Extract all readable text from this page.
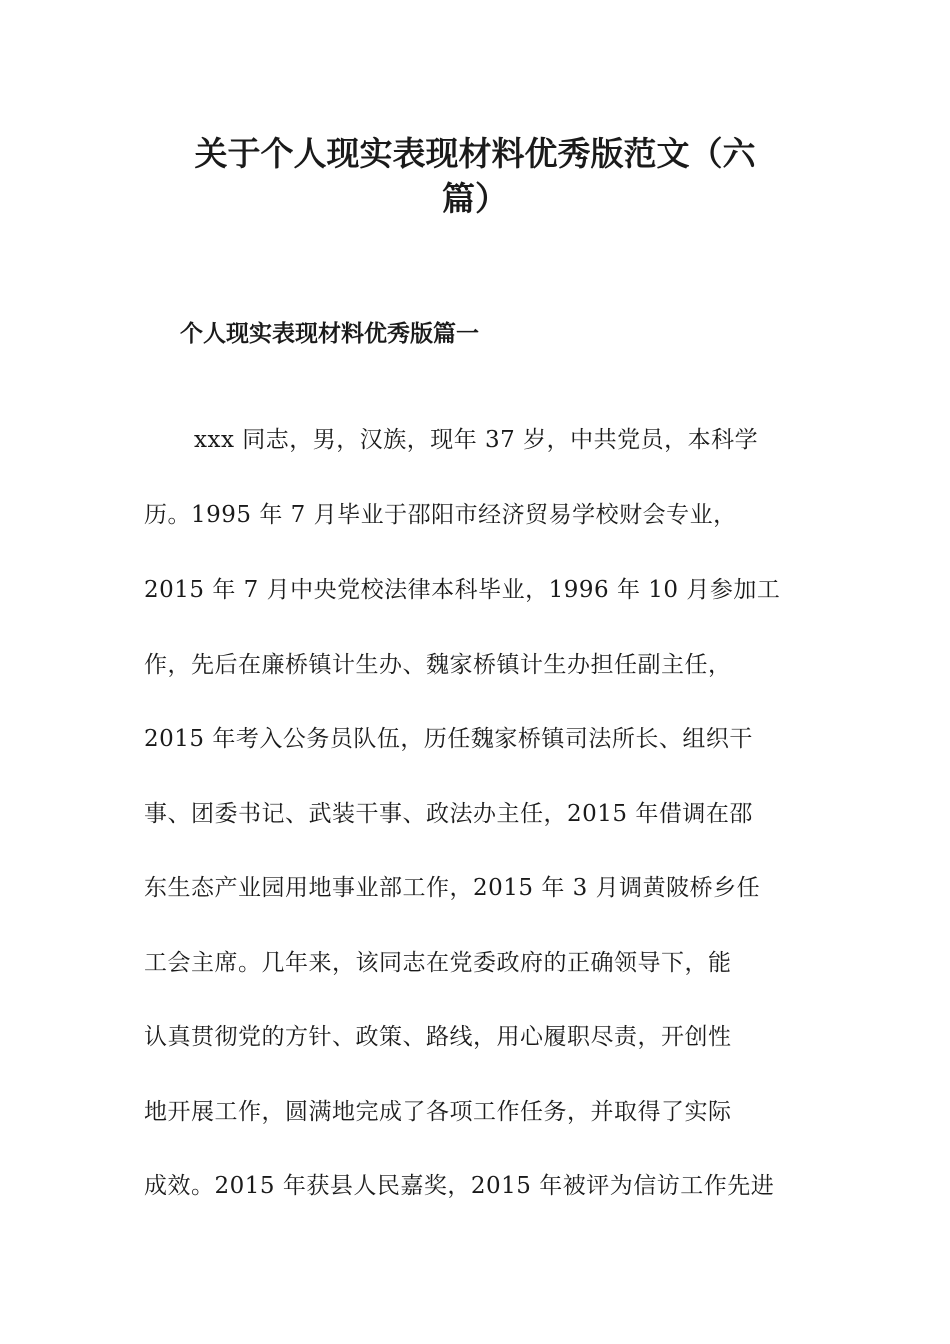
关于个人现实表现材料优秀版范文（六
篇）
个人现实表现材料优秀版篇一
xxx 同志，男，汉族，现年 37 岁，中共党员，本科学
历。1995 年 7 月毕业于邵阳市经济贸易学校财会专业，
2015 年 7 月中央党校法律本科毕业，1996 年 10 月参加工
作，先后在廉桥镇计生办、魏家桥镇计生办担任副主任，
2015 年考入公务员队伍，历任魏家桥镇司法所长、组织干
事、团委书记、武装干事、政法办主任，2015 年借调在邵
东生态产业园用地事业部工作，2015 年 3 月调黄陂桥乡任
工会主席。几年来，该同志在党委政府的正确领导下，能
认真贯彻党的方针、政策、路线，用心履职尽责，开创性
地开展工作，圆满地完成了各项工作任务，并取得了实际
成效。2015 年获县人民嘉奖，2015 年被评为信访工作先进
